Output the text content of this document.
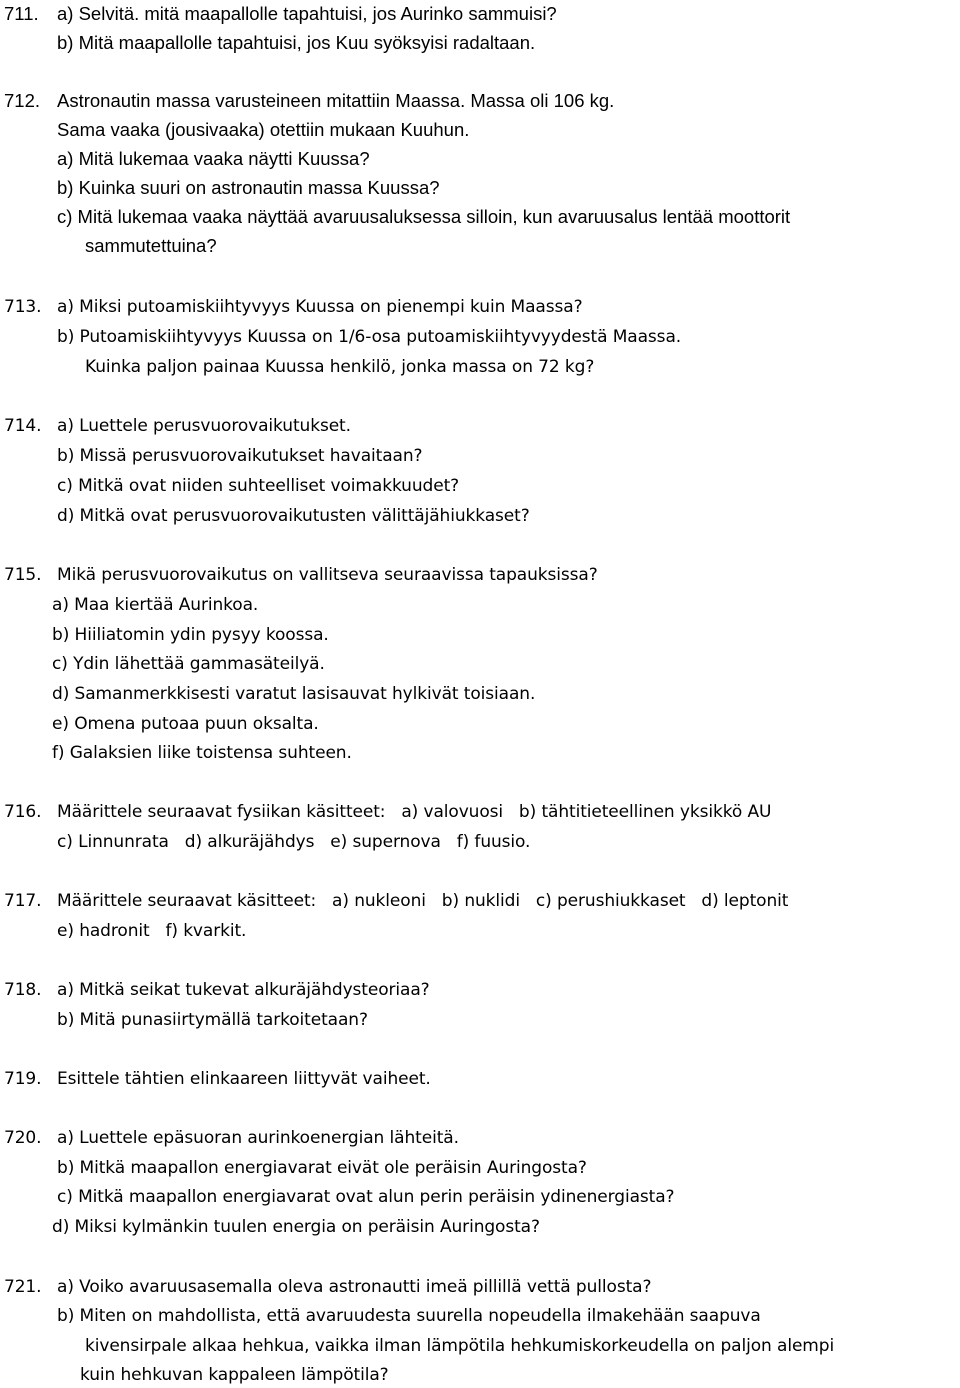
711. a) Selvitä. mitä maapallolle tapahtuisi, jos Aurinko sammuisi?
b) Mitä maapallolle tapahtuisi, jos Kuu syöksyisi radaltaan.
712. Astronautin massa varusteineen mitattiin Maassa. Massa oli 106 kg.
Sama vaaka (jousivaaka) otettiin mukaan Kuuhun.
a) Mitä lukemaa vaaka näytti Kuussa?
b) Kuinka suuri on astronautin massa Kuussa?
c) Mitä lukemaa vaaka näyttää avaruusaluksessa silloin, kun avaruusalus lentää moottorit
sammutettuina?
713. a) Miksi putoamiskiihtyvyys Kuussa on pienempi kuin Maassa?
b) Putoamiskiihtyvyys Kuussa on 1/6-osa putoamiskiihtyvyydestä Maassa.
Kuinka paljon painaa Kuussa henkilö, jonka massa on 72 kg?
714. a) Luettele perusvuorovaikutukset.
b) Missä perusvuorovaikutukset havaitaan?
c) Mitkä ovat niiden suhteelliset voimakkuudet?
d) Mitkä ovat perusvuorovaikutusten välittäjähiukkaset?
715. Mikä perusvuorovaikutus on vallitseva seuraavissa tapauksissa?
a) Maa kiertää Aurinkoa.
b) Hiiliatomin ydin pysyy koossa.
c) Ydin lähettää gammasäteilyä.
d) Samanmerkkisesti varatut lasisauvat hylkivät toisiaan.
e) Omena putoaa puun oksalta.
f) Galaksien liike toistensa suhteen.
716. Määrittele seuraavat fysiikan käsitteet:   a) valovuosi   b) tähtitieteellinen yksikkö AU
c) Linnunrata   d) alkuräjähdys   e) supernova   f) fuusio.
717. Määrittele seuraavat käsitteet:   a) nukleoni   b) nuklidi   c) perushiukkaset   d) leptonit
e) hadronit   f) kvarkit.
718. a) Mitkä seikat tukevat alkuräjähdysteoriaa?
b) Mitä punasiirtymällä tarkoitetaan?
719. Esittele tähtien elinkaareen liittyvät vaiheet.
720. a) Luettele epäsuoran aurinkoenergian lähteitä.
b) Mitkä maapallon energiavarat eivät ole peräisin Auringosta?
c) Mitkä maapallon energiavarat ovat alun perin peräisin ydinenergiasta?
d) Miksi kylmänkin tuulen energia on peräisin Auringosta?
721. a) Voiko avaruusasemalla oleva astronautti imeä pillillä vettä pullosta?
b) Miten on mahdollista, että avaruudesta suurella nopeudella ilmakehään saapuva
kivensirpale alkaa hehkua, vaikka ilman lämpötila hehkumiskorkeudella on paljon alempi
kuin hehkuvan kappaleen lämpötila?
